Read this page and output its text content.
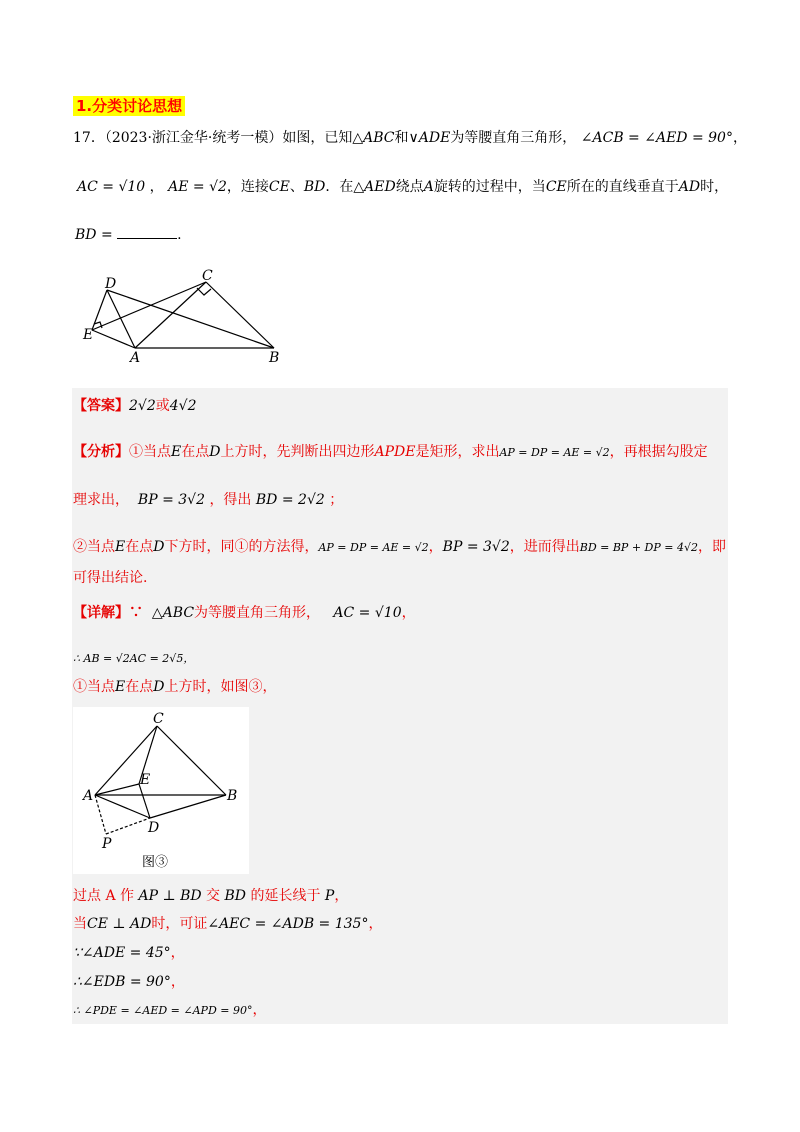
1.分类讨论思想
17．（2023·浙江金华·统考一模）如图，已知△ABC和∨ADE为等腰直角三角形， ∠ACB = ∠AED = 90°，
AC = √10 ， AE = √2，连接CE、BD．在△AED绕点A旋转的过程中，当CE所在的直线垂直于AD时，
BD =	.
D	C
E
A	B
【答案】2√2或4√2
【分析】①当点E在点D上方时，先判断出四边形APDE是矩形，求出AP = DP = AE = √2，再根据勾股定
理求出， BP = 3√2 ，得出 BD = 2√2 ；
②当点E在点D下方时，同①的方法得，AP = DP = AE = √2，BP = 3√2，进而得出BD = BP + DP = 4√2，即
可得出结论.
【详解】∵ △ABC为等腰直角三角形， AC = √10，
∴ AB = √2AC = 2√5，
①当点E在点D上方时，如图③，
C
E
A	B
D
P
图③
过点 A 作 AP ⊥ BD 交 BD 的延长线于 P，
当CE ⊥ AD时，可证∠AEC = ∠ADB = 135°，
∵∠ADE = 45°，
∴∠EDB = 90°，
∴ ∠PDE = ∠AED = ∠APD = 90°，
